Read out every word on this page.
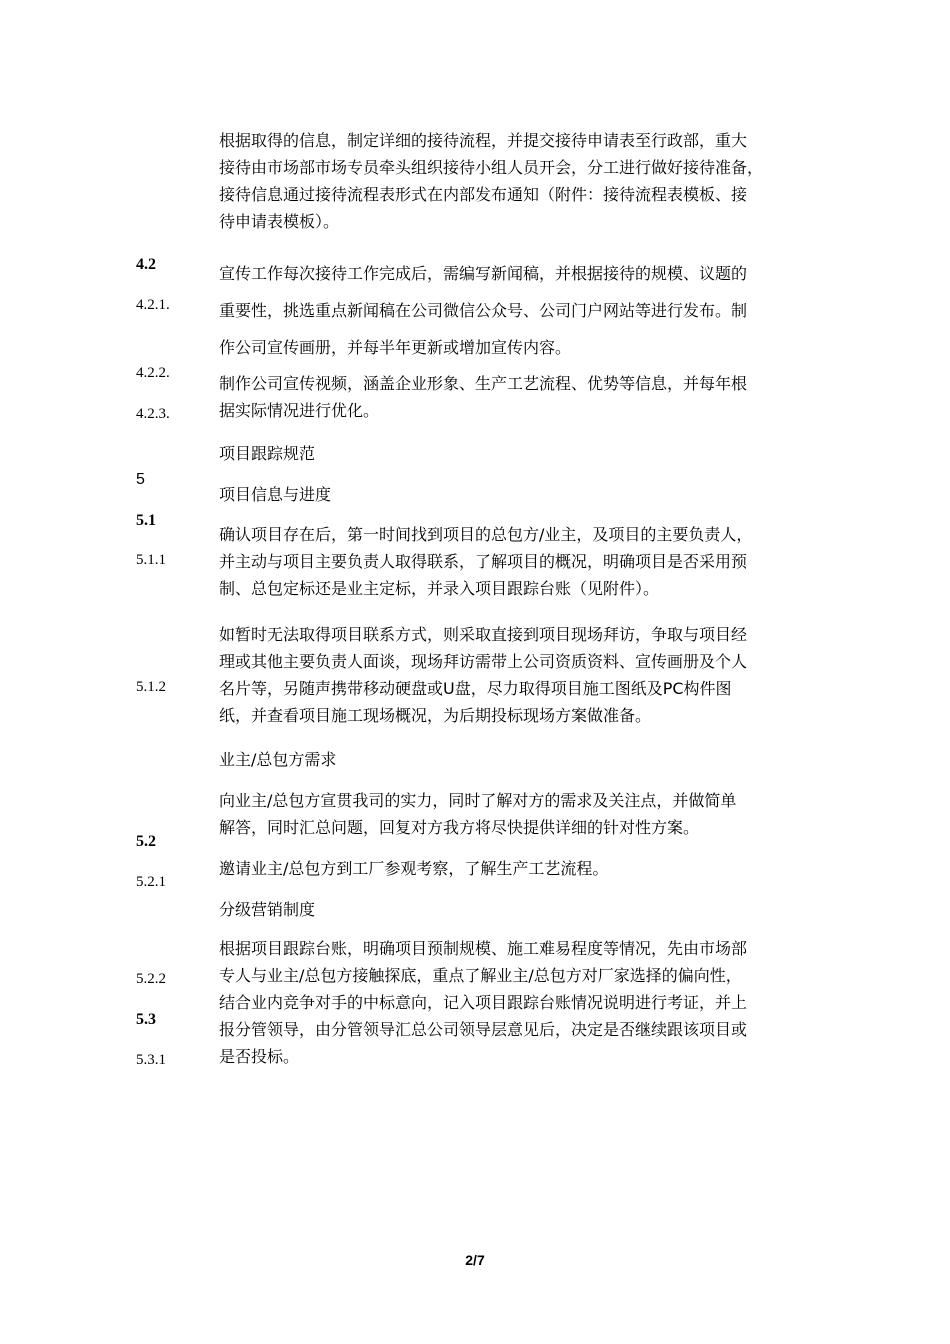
4.2
4.2.1.
4.2.2.
4.2.3.
5
5.1
5.1.1
5.1.2
5.2
5.2.1
5.2.2
5.3
5.3.1
根据取得的信息，制定详细的接待流程，并提交接待申请表至行政部，重大
接待由市场部市场专员牵头组织接待小组人员开会，分工进行做好接待准备，
接待信息通过接待流程表形式在内部发布通知（附件：接待流程表模板、接
待申请表模板）。
宣传工作每次接待工作完成后，需编写新闻稿，并根据接待的规模、议题的
重要性，挑选重点新闻稿在公司微信公众号、公司门户网站等进行发布。制
作公司宣传画册，并每半年更新或增加宣传内容。
制作公司宣传视频，涵盖企业形象、生产工艺流程、优势等信息，并每年根
据实际情况进行优化。
项目跟踪规范
项目信息与进度
确认项目存在后，第一时间找到项目的总包方/业主，及项目的主要负责人，
并主动与项目主要负责人取得联系，了解项目的概况，明确项目是否采用预
制、总包定标还是业主定标，并录入项目跟踪台账（见附件）。
如暂时无法取得项目联系方式，则采取直接到项目现场拜访，争取与项目经
理或其他主要负责人面谈，现场拜访需带上公司资质资料、宣传画册及个人
名片等，另随声携带移动硬盘或U盘，尽力取得项目施工图纸及PC构件图
纸，并查看项目施工现场概况，为后期投标现场方案做准备。
业主/总包方需求
向业主/总包方宣贯我司的实力，同时了解对方的需求及关注点，并做简单
解答，同时汇总问题，回复对方我方将尽快提供详细的针对性方案。
邀请业主/总包方到工厂参观考察，了解生产工艺流程。
分级营销制度
根据项目跟踪台账，明确项目预制规模、施工难易程度等情况，先由市场部
专人与业主/总包方接触探底，重点了解业主/总包方对厂家选择的偏向性，
结合业内竞争对手的中标意向，记入项目跟踪台账情况说明进行考证，并上
报分管领导，由分管领导汇总公司领导层意见后，决定是否继续跟该项目或
是否投标。
2/7
